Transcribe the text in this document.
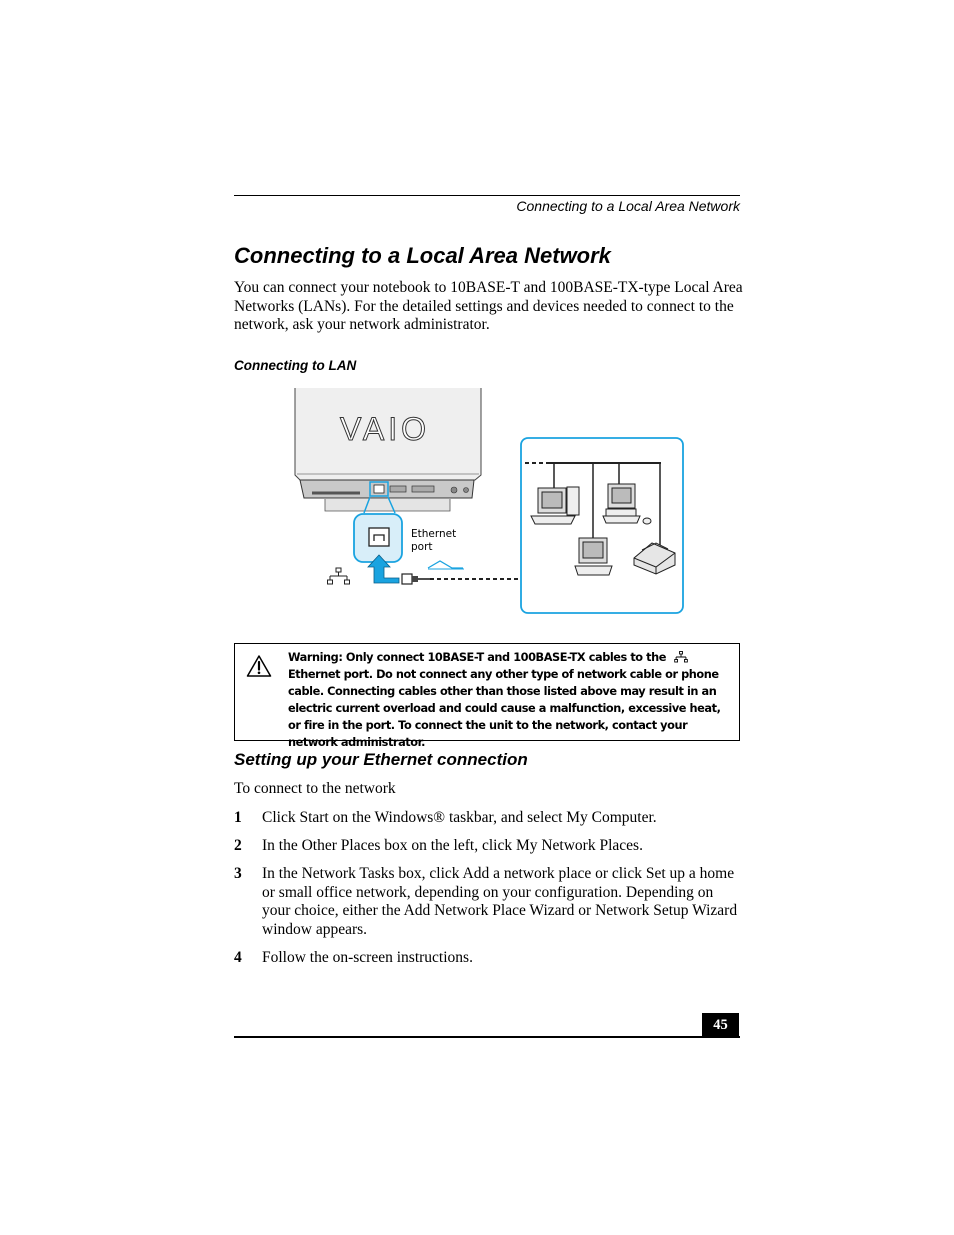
Connecting to a Local Area Network
Connecting to a Local Area Network

You can connect your notebook to 10BASE-T and 100BASE-TX-type Local Area Networks (LANs). For the detailed settings and devices needed to connect to the network, ask your network administrator.

Connecting to LAN
VAIO
Ethernet
port
Warning: Only connect 10BASE-T and 100BASE-TX cables to theEthernet port. Do not connect any other type of network cable or phone cable. Connecting cables other than those listed above may result in an electric current overload and could cause a malfunction, excessive heat, or fire in the port. To connect the unit to the network, contact your network administrator.
Setting up your Ethernet connection
To connect to the network
1 Click Start on the Windows® taskbar, and select My Computer.
2 In the Other Places box on the left, click My Network Places.
3 In the Network Tasks box, click Add a network place or click Set up a home or small office network, depending on your configuration. Depending on your choice, either the Add Network Place Wizard or Network Setup Wizard window appears.
4 Follow the on-screen instructions.
45
